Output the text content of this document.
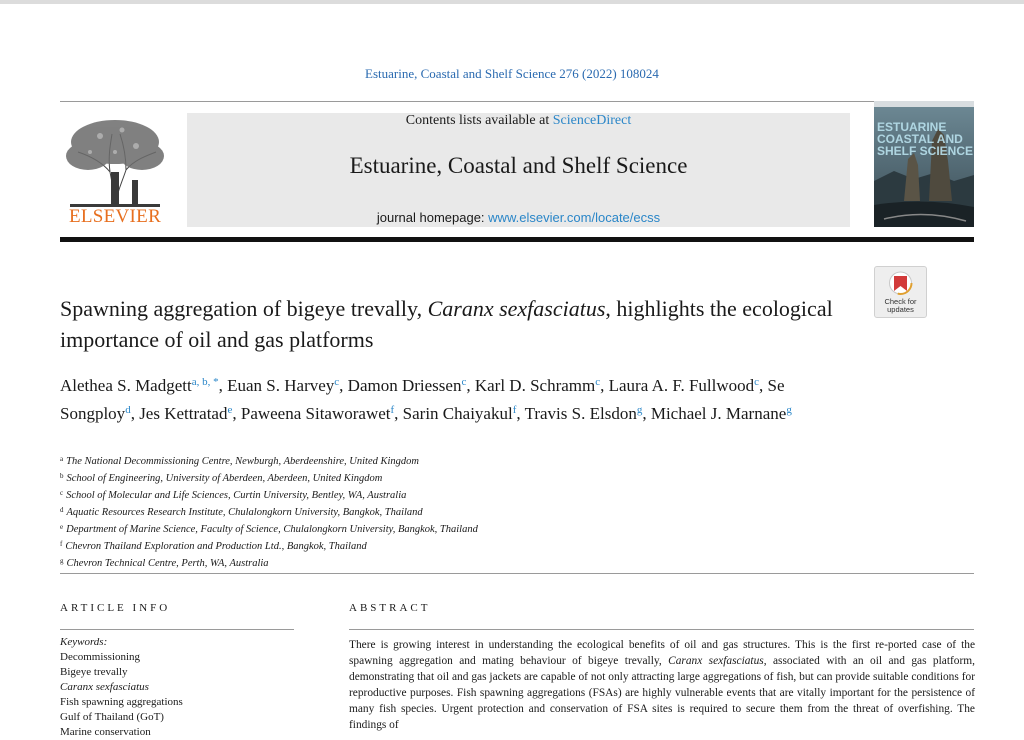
Estuarine, Coastal and Shelf Science 276 (2022) 108024
ELSEVIER
Contents lists available at ScienceDirect
Estuarine, Coastal and Shelf Science
journal homepage: www.elsevier.com/locate/ecss
ESTUARINE
COASTAL AND
SHELF SCIENCE
Check for
updates
Spawning aggregation of bigeye trevally, Caranx sexfasciatus, highlights the ecological importance of oil and gas platforms
Alethea S. Madgett$^{a, b, *}$, Euan S. Harvey$^c$, Damon Driessen$^c$, Karl D. Schramm$^c$, Laura A. F. Fullwood$^c$, Se Songploy$^d$, Jes Kettratad$^e$, Paweena Sitaworawet$^f$, Sarin Chaiyakul$^f$, Travis S. Elsdon$^g$, Michael J. Marnane$^g$
$^a$ The National Decommissioning Centre, Newburgh, Aberdeenshire, United Kingdom
$^b$ School of Engineering, University of Aberdeen, Aberdeen, United Kingdom
$^c$ School of Molecular and Life Sciences, Curtin University, Bentley, WA, Australia
$^d$ Aquatic Resources Research Institute, Chulalongkorn University, Bangkok, Thailand
$^e$ Department of Marine Science, Faculty of Science, Chulalongkorn University, Bangkok, Thailand
$^f$ Chevron Thailand Exploration and Production Ltd., Bangkok, Thailand
$^g$ Chevron Technical Centre, Perth, WA, Australia
ARTICLE INFO	ABSTRACT
Keywords:
Decommissioning
Bigeye trevally
Caranx sexfasciatus
Fish spawning aggregations
Gulf of Thailand (GoT)
Marine conservation
There is growing interest in understanding the ecological benefits of oil and gas structures. This is the first re-ported case of the spawning aggregation and mating behaviour of bigeye trevally, Caranx sexfasciatus, associated with an oil and gas platform, demonstrating that oil and gas jackets are capable of not only attracting large aggregations of fish, but can provide suitable conditions for reproductive purposes. Fish spawning aggregations (FSAs) are highly vulnerable events that are vitally important for the persistence of many fish species. Urgent protection and conservation of FSA sites is required to secure them from the threat of overfishing. The findings of
